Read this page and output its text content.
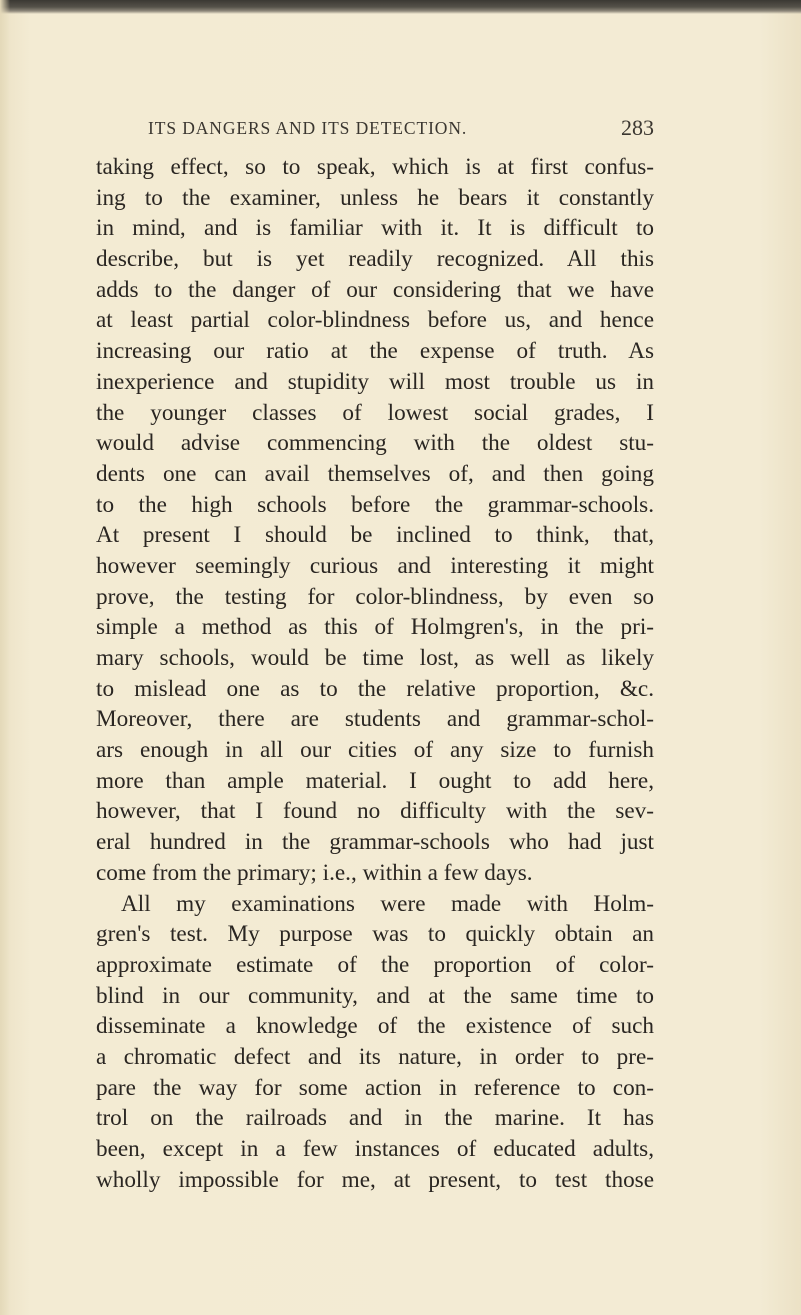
ITS DANGERS AND ITS DETECTION.	283
taking effect, so to speak, which is at first confus-
ing to the examiner, unless he bears it constantly
in mind, and is familiar with it. It is difficult to
describe, but is yet readily recognized. All this
adds to the danger of our considering that we have
at least partial color-blindness before us, and hence
increasing our ratio at the expense of truth. As
inexperience and stupidity will most trouble us in
the younger classes of lowest social grades, I
would advise commencing with the oldest stu-
dents one can avail themselves of, and then going
to the high schools before the grammar-schools.
At present I should be inclined to think, that,
however seemingly curious and interesting it might
prove, the testing for color-blindness, by even so
simple a method as this of Holmgren's, in the pri-
mary schools, would be time lost, as well as likely
to mislead one as to the relative proportion, &c.
Moreover, there are students and grammar-schol-
ars enough in all our cities of any size to furnish
more than ample material. I ought to add here,
however, that I found no difficulty with the sev-
eral hundred in the grammar-schools who had just
come from the primary; i.e., within a few days.
All my examinations were made with Holm-
gren's test. My purpose was to quickly obtain an
approximate estimate of the proportion of color-
blind in our community, and at the same time to
disseminate a knowledge of the existence of such
a chromatic defect and its nature, in order to pre-
pare the way for some action in reference to con-
trol on the railroads and in the marine. It has
been, except in a few instances of educated adults,
wholly impossible for me, at present, to test those
